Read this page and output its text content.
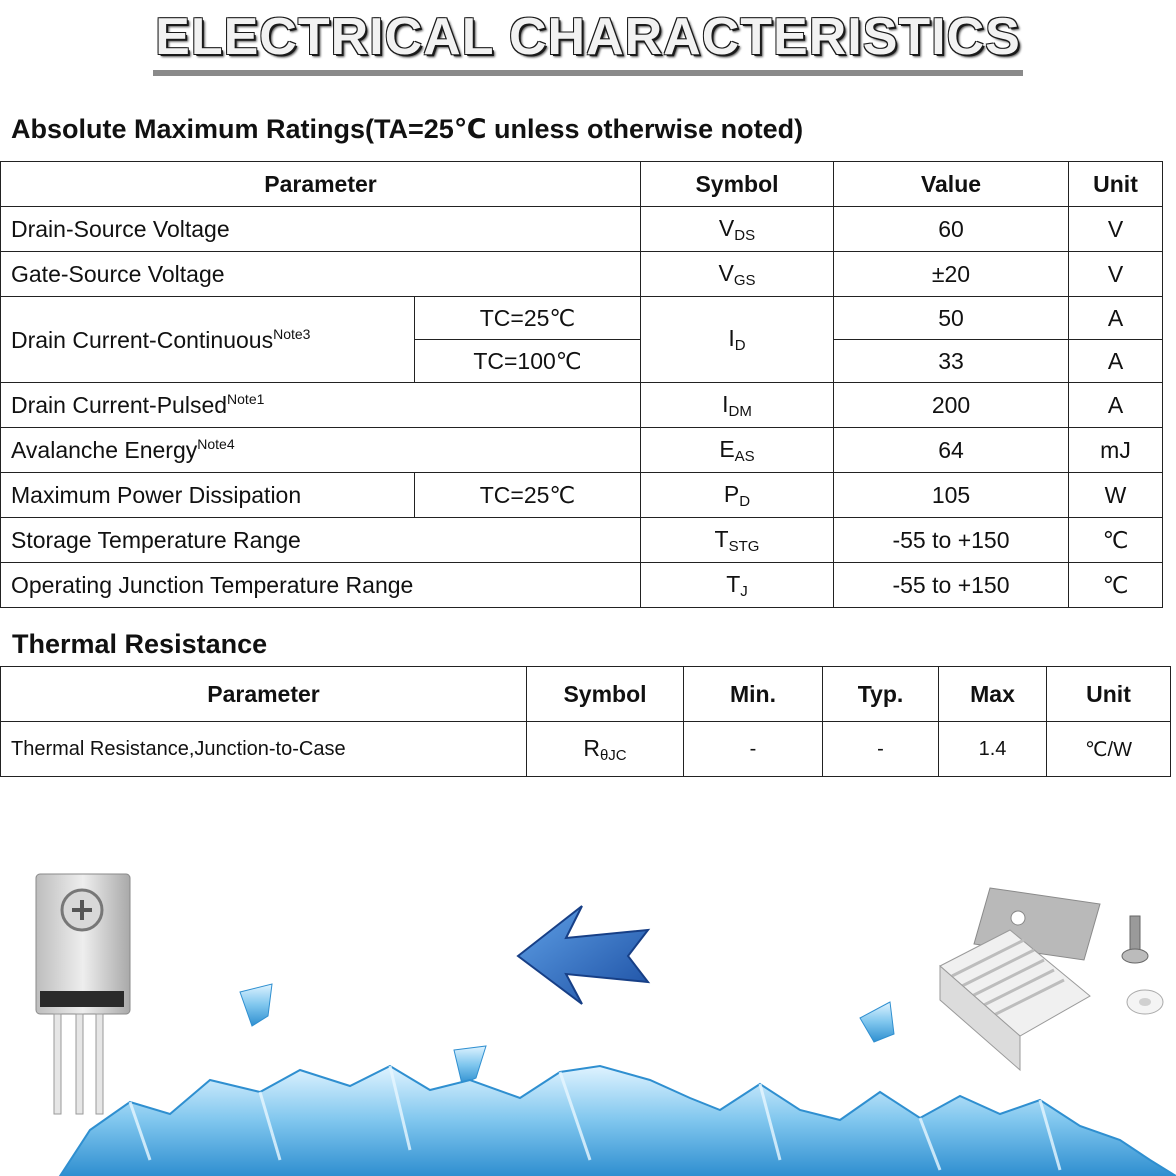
ELECTRICAL CHARACTERISTICS
Absolute Maximum Ratings(TA=25℃ unless otherwise noted)
Parameter		Symbol	Value	Unit
Drain-Source Voltage		$V_{DS}$	60	V
Gate-Source Voltage		$V_{GS}$	±20	V
Drain Current-Continuous$^{Note3}$	TC=25℃	$I_D$	50	A
	TC=100℃		33	A
Drain Current-Pulsed$^{Note1}$		$I_{DM}$	200	A
Avalanche Energy$^{Note4}$		$E_{AS}$	64	mJ
Maximum Power Dissipation	TC=25℃	$P_D$	105	W
Storage Temperature Range		$T_{STG}$	-55 to +150	℃
Operating Junction Temperature Range		$T_J$	-55 to +150	℃
Thermal Resistance
Parameter	Symbol	Min.	Typ.	Max	Unit
Thermal Resistance,Junction-to-Case	$R_{\theta JC}$	-	-	1.4	℃/W
